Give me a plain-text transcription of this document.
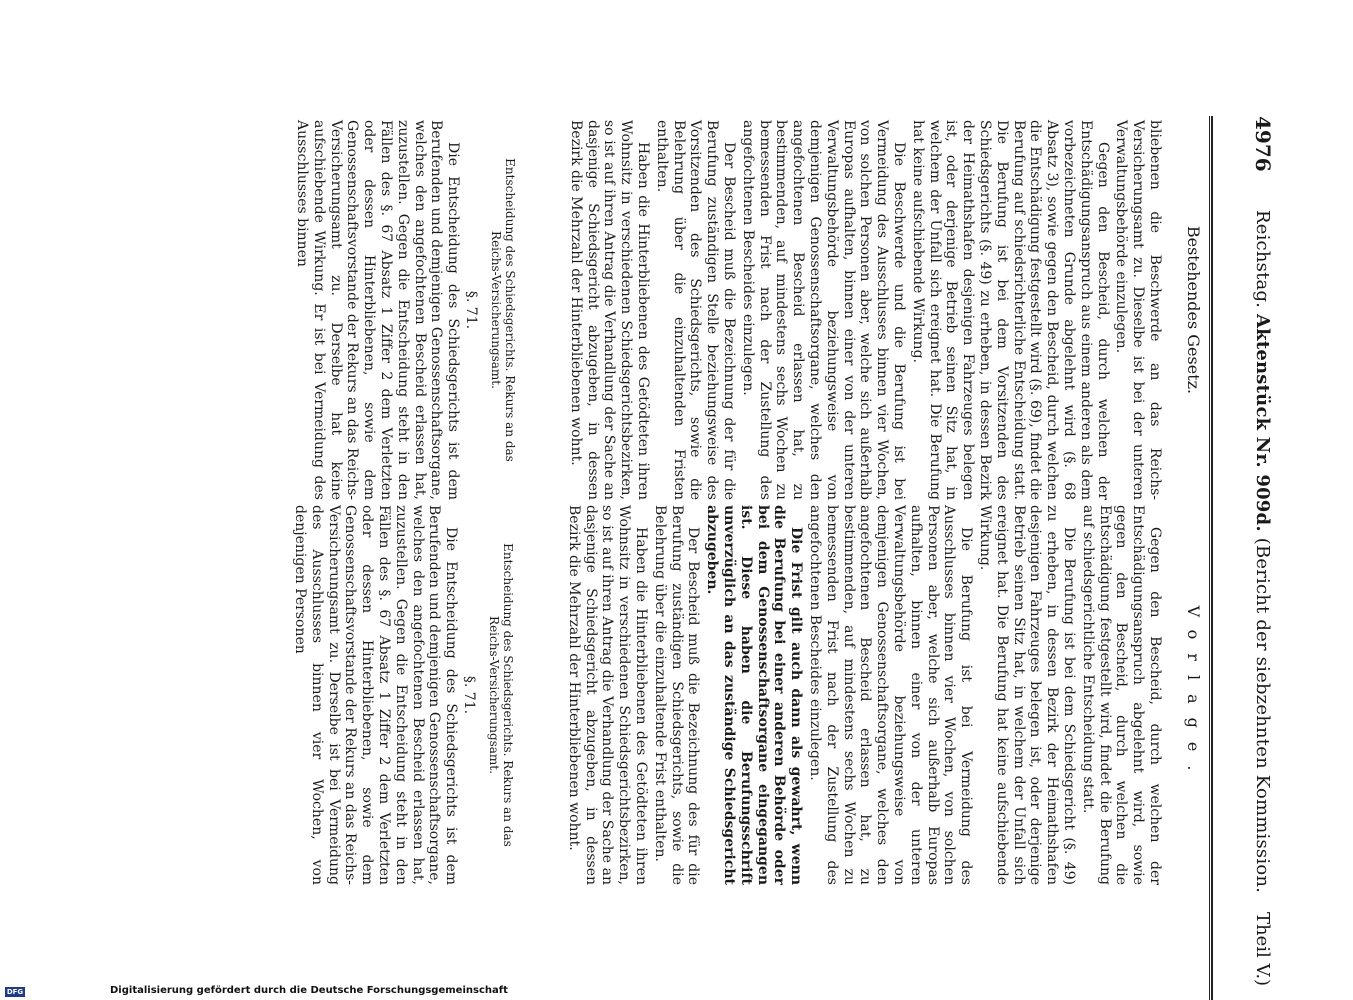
4976
Reichstag. Aktenstück Nr. 909d. (Bericht der siebzehnten Kommission.
Theil V.)
Bestehendes Gesetz.
Vorlage.

bliebenen die Beschwerde an das Reichs-Versicherungsamt zu. Dieselbe ist bei der unteren Verwaltungsbehörde einzulegen.

Gegen den Bescheid, durch welchen der Entschädigungsanspruch aus einem anderen als dem vorbezeichneten Grunde abgelehnt wird (§. 68 Absatz 3), sowie gegen den Bescheid, durch welchen die Entschädigung festgestellt wird (§. 69), findet die Berufung auf schiedsrichterliche Entscheidung statt. Die Berufung ist bei dem Vorsitzenden des Schiedsgerichts (§. 49) zu erheben, in dessen Bezirk der Heimathshafen desjenigen Fahrzeuges belegen ist, oder derjenige Betrieb seinen Sitz hat, in welchem der Unfall sich ereignet hat. Die Berufung hat keine aufschiebende Wirkung.

Die Beschwerde und die Berufung ist bei Vermeidung des Ausschlusses binnen vier Wochen, von solchen Personen aber, welche sich außerhalb Europas aufhalten, binnen einer von der unteren Verwaltungsbehörde beziehungsweise von demjenigen Genossenschaftsorgane, welches den angefochtenen Bescheid erlassen hat, zu bestimmenden, auf mindestens sechs Wochen zu bemessenden Frist nach der Zustellung des angefochtenen Bescheides einzulegen.

Der Bescheid muß die Bezeichnung der für die Berufung zuständigen Stelle beziehungsweise des Vorsitzenden des Schiedsgerichts, sowie die Belehrung über die einzuhaltenden Fristen enthalten.

Haben die Hinterbliebenen des Getödteten ihren Wohnsitz in verschiedenen Schiedsgerichtsbezirken, so ist auf ihren Antrag die Verhandlung der Sache an dasjenige Schiedsgericht abzugeben, in dessen Bezirk die Mehrzahl der Hinterbliebenen wohnt.

Entscheidung des Schiedsgerichts. Rekurs an das Reichs-Versicherungsamt.

§. 71.

Die Entscheidung des Schiedsgerichts ist dem Berufenden und demjenigen Genossenschaftsorgane, welches den angefochtenen Bescheid erlassen hat, zuzustellen. Gegen die Entscheidung steht in den Fällen des §. 67 Absatz 1 Ziffer 2 dem Verletzten oder dessen Hinterbliebenen, sowie dem Genossenschaftsvorstande der Rekurs an das Reichs-Versicherungsamt zu. Derselbe hat keine aufschiebende Wirkung. Er ist bei Vermeidung des Ausschlusses binnen

Gegen den Bescheid, durch welchen der Entschädigungsanspruch abgelehnt wird, sowie gegen den Bescheid, durch welchen die Entschädigung festgestellt wird, findet die Berufung auf schiedsgerichtliche Entscheidung statt.

Die Berufung ist bei dem Schiedsgericht (§. 49) zu erheben, in dessen Bezirk der Heimathshafen desjenigen Fahrzeuges belegen ist, oder derjenige Betrieb seinen Sitz hat, in welchem der Unfall sich ereignet hat. Die Berufung hat keine aufschiebende Wirkung.

Die Berufung ist bei Vermeidung des Ausschlusses binnen vier Wochen, von solchen Personen aber, welche sich außerhalb Europas aufhalten, binnen einer von der unteren Verwaltungsbehörde beziehungsweise von demjenigen Genossenschaftsorgane, welches den angefochtenen Bescheid erlassen hat, zu bestimmenden, auf mindestens sechs Wochen zu bemessenden Frist nach der Zustellung des angefochtenen Bescheides einzulegen.

Die Frist gilt auch dann als gewahrt, wenn die Berufung bei einer anderen Behörde oder bei dem Genossenschaftsorgane eingegangen ist. Diese haben die Berufungsschrift unverzüglich an das zuständige Schiedsgericht abzugeben.

Der Bescheid muß die Bezeichnung des für die Berufung zuständigen Schiedsgerichts, sowie die Belehrung über die einzuhaltende Frist enthalten.

Haben die Hinterbliebenen des Getödteten ihren Wohnsitz in verschiedenen Schiedsgerichtsbezirken, so ist auf ihren Antrag die Verhandlung der Sache an dasjenige Schiedsgericht abzugeben, in dessen Bezirk die Mehrzahl der Hinterbliebenen wohnt.

Entscheidung des Schiedsgerichts. Rekurs an das Reichs-Versicherungsamt.

§. 71.

Die Entscheidung des Schiedsgerichts ist dem Berufenden und demjenigen Genossenschaftsorgane, welches den angefochtenen Bescheid erlassen hat, zuzustellen. Gegen die Entscheidung steht in den Fällen des §. 67 Absatz 1 Ziffer 2 dem Verletzten oder dessen Hinterbliebenen, sowie dem Genossenschaftsvorstande der Rekurs an das Reichs-Versicherungsamt zu. Derselbe ist bei Vermeidung des Ausschlusses binnen vier Wochen, von denjenigen Personen

DFG	Digitalisierung gefördert durch die Deutsche Forschungsgemeinschaft
